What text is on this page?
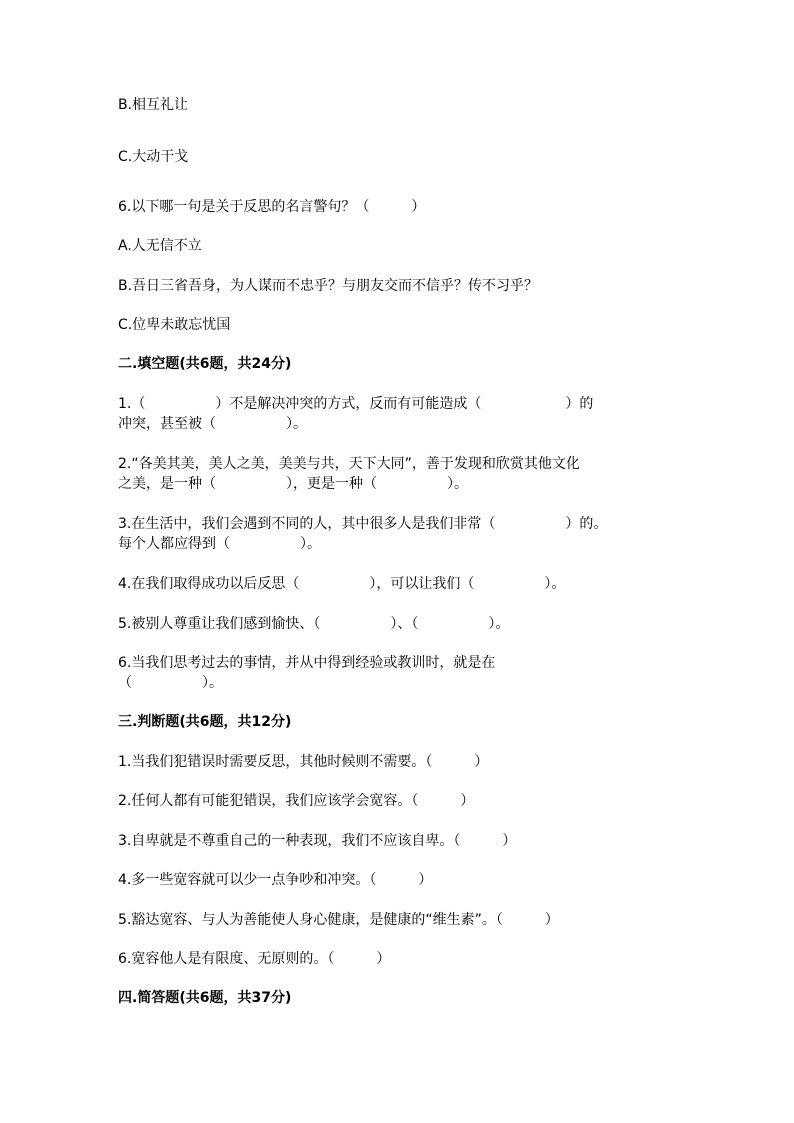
B.相互礼让
C.大动干戈
6.以下哪一句是关于反思的名言警句？（　　　）
A.人无信不立
B.吾日三省吾身，为人谋而不忠乎？与朋友交而不信乎？传不习乎？
C.位卑未敢忘忧国
二.填空题(共6题，共24分)
1.（　　　　　）不是解决冲突的方式，反而有可能造成（　　　　　　）的
冲突，甚至被（　　　　　）。
2.“各美其美，美人之美，美美与共，天下大同”，善于发现和欣赏其他文化
之美，是一种（　　　　　），更是一种（　　　　　）。
3.在生活中，我们会遇到不同的人，其中很多人是我们非常（　　　　　）的。
每个人都应得到（　　　　　）。
4.在我们取得成功以后反思（　　　　　），可以让我们（　　　　　）。
5.被别人尊重让我们感到愉快、（　　　　　）、（　　　　　）。
6.当我们思考过去的事情，并从中得到经验或教训时，就是在
（　　　　　）。
三.判断题(共6题，共12分)
1.当我们犯错误时需要反思，其他时候则不需要。（　　　）
2.任何人都有可能犯错误，我们应该学会宽容。（　　　）
3.自卑就是不尊重自己的一种表现，我们不应该自卑。（　　　）
4.多一些宽容就可以少一点争吵和冲突。（　　　）
5.豁达宽容、与人为善能使人身心健康，是健康的“维生素”。（　　　）
6.宽容他人是有限度、无原则的。（　　　）
四.简答题(共6题，共37分)
